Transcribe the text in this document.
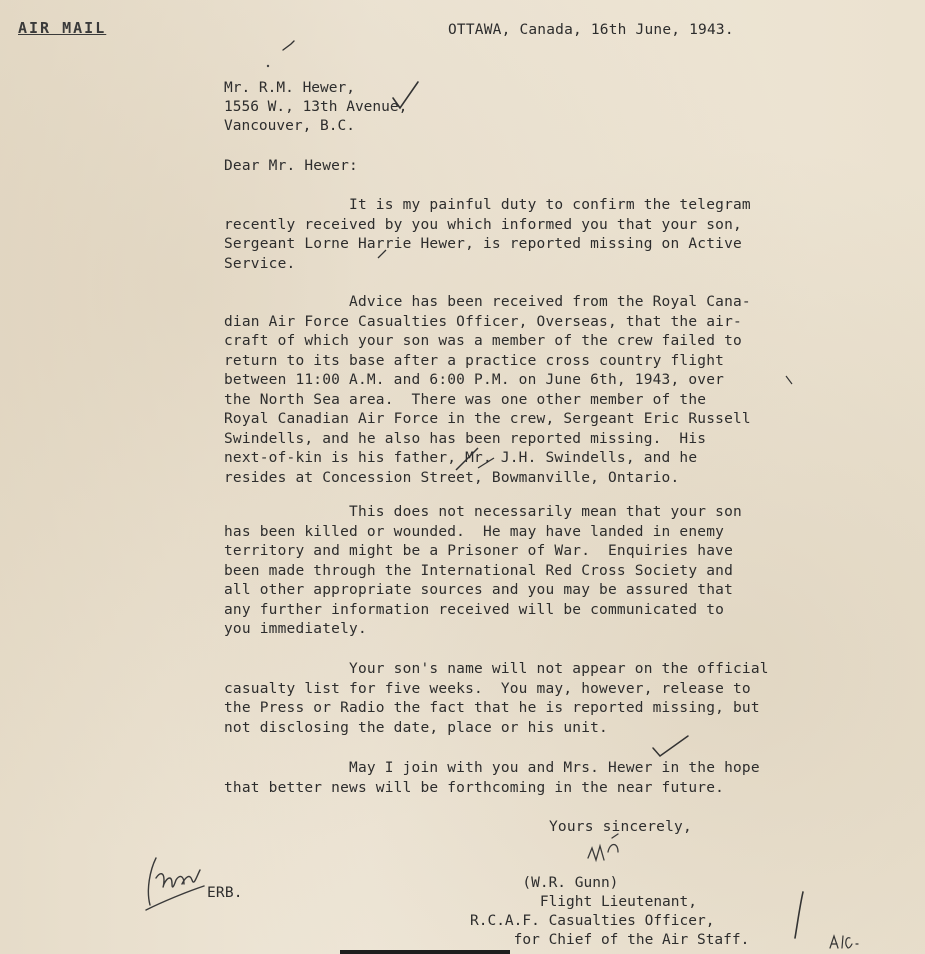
AIR MAIL	OTTAWA, Canada, 16th June, 1943.
Mr. R.M. Hewer,
1556 W., 13th Avenue,
Vancouver, B.C.
Dear Mr. Hewer:
It is my painful duty to confirm the telegram
recently received by you which informed you that your son,
Sergeant Lorne Harrie Hewer, is reported missing on Active
Service.
Advice has been received from the Royal Cana-
dian Air Force Casualties Officer, Overseas, that the air-
craft of which your son was a member of the crew failed to
return to its base after a practice cross country flight
between 11:00 A.M. and 6:00 P.M. on June 6th, 1943, over
the North Sea area.  There was one other member of the
Royal Canadian Air Force in the crew, Sergeant Eric Russell
Swindells, and he also has been reported missing.  His
next-of-kin is his father, Mr. J.H. Swindells, and he
resides at Concession Street, Bowmanville, Ontario.
This does not necessarily mean that your son
has been killed or wounded.  He may have landed in enemy
territory and might be a Prisoner of War.  Enquiries have
been made through the International Red Cross Society and
all other appropriate sources and you may be assured that
any further information received will be communicated to
you immediately.
Your son's name will not appear on the official
casualty list for five weeks.  You may, however, release to
the Press or Radio the fact that he is reported missing, but
not disclosing the date, place or his unit.
May I join with you and Mrs. Hewer in the hope
that better news will be forthcoming in the near future.
Yours sincerely,
(W.R. Gunn)
Flight Lieutenant,
R.C.A.F. Casualties Officer,
for Chief of the Air Staff.
ERB.
